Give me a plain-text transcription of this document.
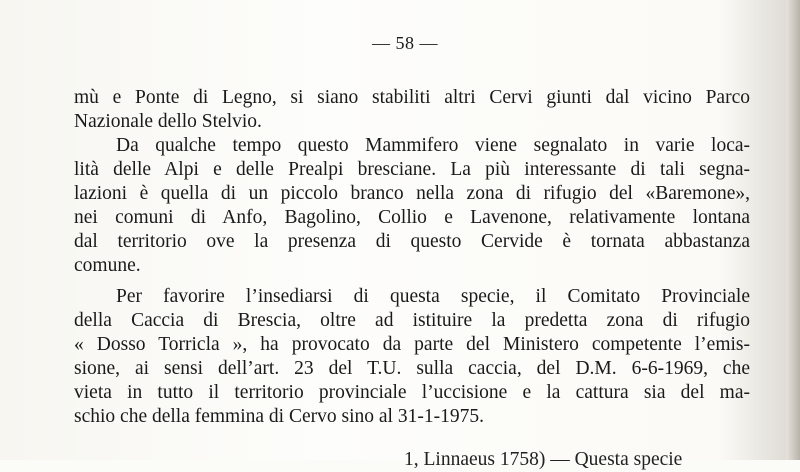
— 58 —
mù e Ponte di Legno, si siano stabiliti altri Cervi giunti dal vicino Parco
Nazionale dello Stelvio.
Da qualche tempo questo Mammifero viene segnalato in varie loca-
lità delle Alpi e delle Prealpi bresciane. La più interessante di tali segna-
lazioni è quella di un piccolo branco nella zona di rifugio del «Baremone»,
nei comuni di Anfo, Bagolino, Collio e Lavenone, relativamente lontana
dal territorio ove la presenza di questo Cervide è tornata abbastanza
comune.
Per favorire l’insediarsi di questa specie, il Comitato Provinciale
della Caccia di Brescia, oltre ad istituire la predetta zona di rifugio
« Dosso Torricla », ha provocato da parte del Ministero competente l’emis-
sione, ai sensi dell’art. 23 del T.U. sulla caccia, del D.M. 6-6-1969, che
vieta in tutto il territorio provinciale l’uccisione e la cattura sia del ma-
schio che della femmina di Cervo sino al 31-1-1975.
1, Linnaeus 1758) — Questa specie
